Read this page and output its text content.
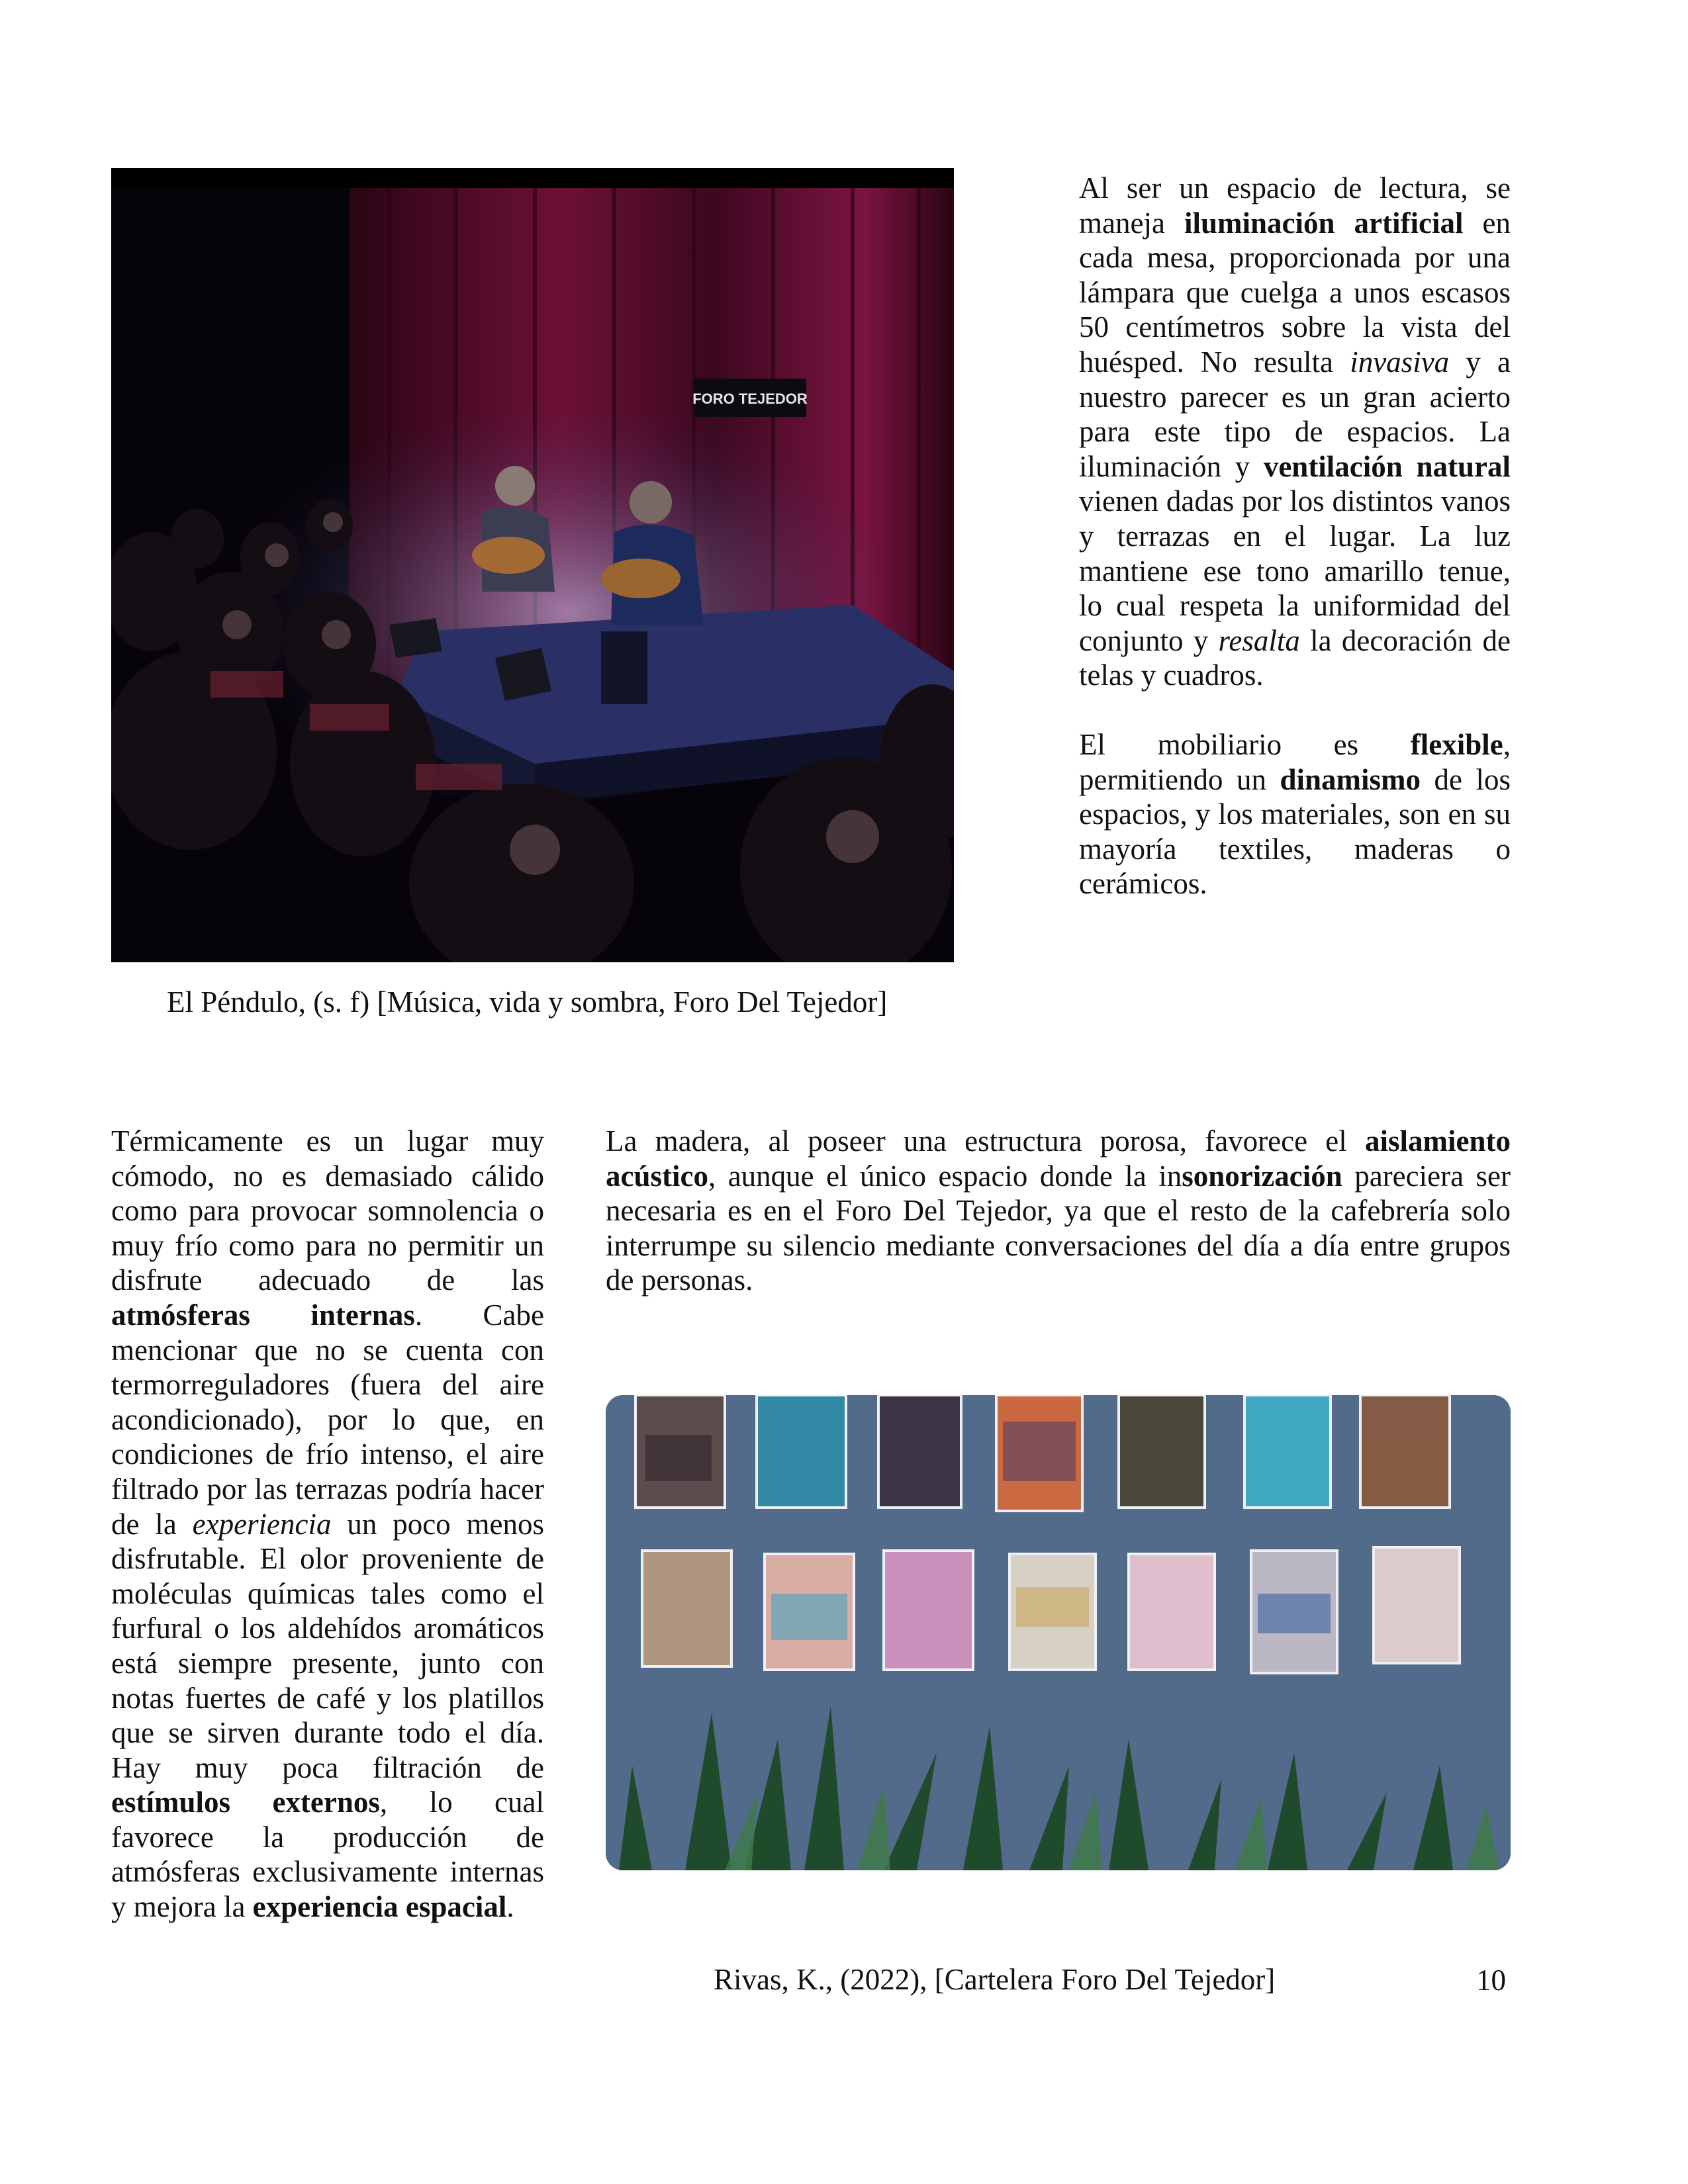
FORO TEJEDOR
El Péndulo, (s. f) [Música, vida y sombra, Foro Del Tejedor]

Al ser un espacio de lectura, se maneja iluminación artificial en cada mesa, proporcionada por una lámpara que cuelga a unos escasos 50 centímetros sobre la vista del huésped. No resulta invasiva y a nuestro parecer es un gran acierto para este tipo de espacios. La iluminación y ventilación natural vienen dadas por los distintos vanos y terrazas en el lugar. La luz mantiene ese tono amarillo tenue, lo cual respeta la uniformidad del conjunto y resalta la decoración de telas y cuadros.

El mobiliario es flexible, permitiendo un dinamismo de los espacios, y los materiales, son en su mayoría textiles, maderas o cerámicos.

Térmicamente es un lugar muy cómodo, no es demasiado cálido como para provocar somnolencia o muy frío como para no permitir un disfrute adecuado de las atmósferas internas. Cabe mencionar que no se cuenta con termorreguladores (fuera del aire acondicionado), por lo que, en condiciones de frío intenso, el aire filtrado por las terrazas podría hacer de la experiencia un poco menos disfrutable. El olor proveniente de moléculas químicas tales como el furfural o los aldehídos aromáticos está siempre presente, junto con notas fuertes de café y los platillos que se sirven durante todo el día. Hay muy poca filtración de estímulos externos, lo cual favorece la producción de atmósferas exclusivamente internas y mejora la experiencia espacial.

La madera, al poseer una estructura porosa, favorece el aislamiento acústico, aunque el único espacio donde la insonorización pareciera ser necesaria es en el Foro Del Tejedor, ya que el resto de la cafebrería solo interrumpe su silencio mediante conversaciones del día a día entre grupos de personas.

Rivas, K., (2022), [Cartelera Foro Del Tejedor]	10
